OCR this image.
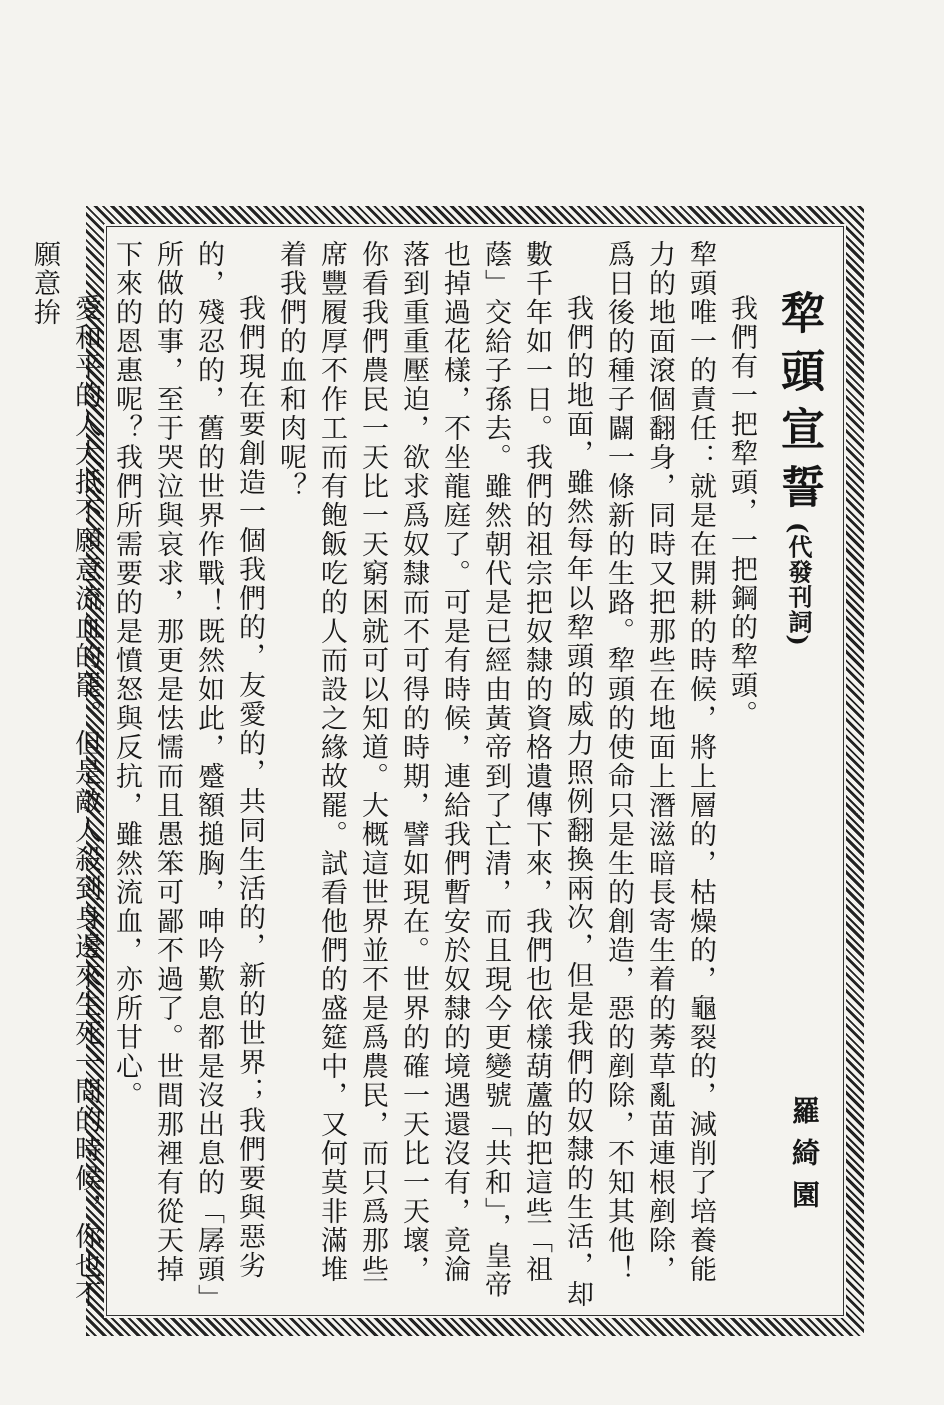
羅綺園
犂頭宣誓(代發刊詞)

我們有一把犂頭，一把鋼的犂頭。

犂頭唯一的責任：就是在開耕的時候，將上層的，枯燥的，龜裂的，減削了培養能力的地面滾個翻身，同時又把那些在地面上潛滋暗長寄生着的莠草亂苗連根剷除，爲日後的種子闢一條新的生路。犂頭的使命只是生的創造，惡的剷除，不知其他！

我們的地面，雖然每年以犂頭的威力照例翻換兩次，但是我們的奴隸的生活，却數千年如一日。我們的祖宗把奴隸的資格遺傳下來，我們也依樣葫蘆的把這些「祖蔭」交給子孫去。雖然朝代是已經由黃帝到了亡清，而且現今更變號「共和」，皇帝也掉過花樣，不坐龍庭了。可是有時候，連給我們暫安於奴隸的境遇還沒有，竟淪落到重重壓迫，欲求爲奴隸而不可得的時期，譬如現在。世界的確一天比一天壞，你看我們農民一天比一天窮困就可以知道。大概這世界並不是爲農民，而只爲那些席豐履厚不作工而有飽飯吃的人而設之緣故罷。試看他們的盛筵中，又何莫非滿堆着我們的血和肉呢？

我們現在要創造一個我們的，友愛的，共同生活的，新的世界；我們要與惡劣的，殘忍的，舊的世界作戰！既然如此，蹙額搥胸，呻吟歎息都是沒出息的「孱頭」所做的事，至于哭泣與哀求，那更是怯懦而且愚笨可鄙不過了。世間那裡有從天掉下來的恩惠呢？我們所需要的是憤怒與反抗，雖然流血，亦所甘心。

愛和平的人大抵不願意流血的罷。但是敵人殺到身邊來生死一間的時候，你也不願意拚
